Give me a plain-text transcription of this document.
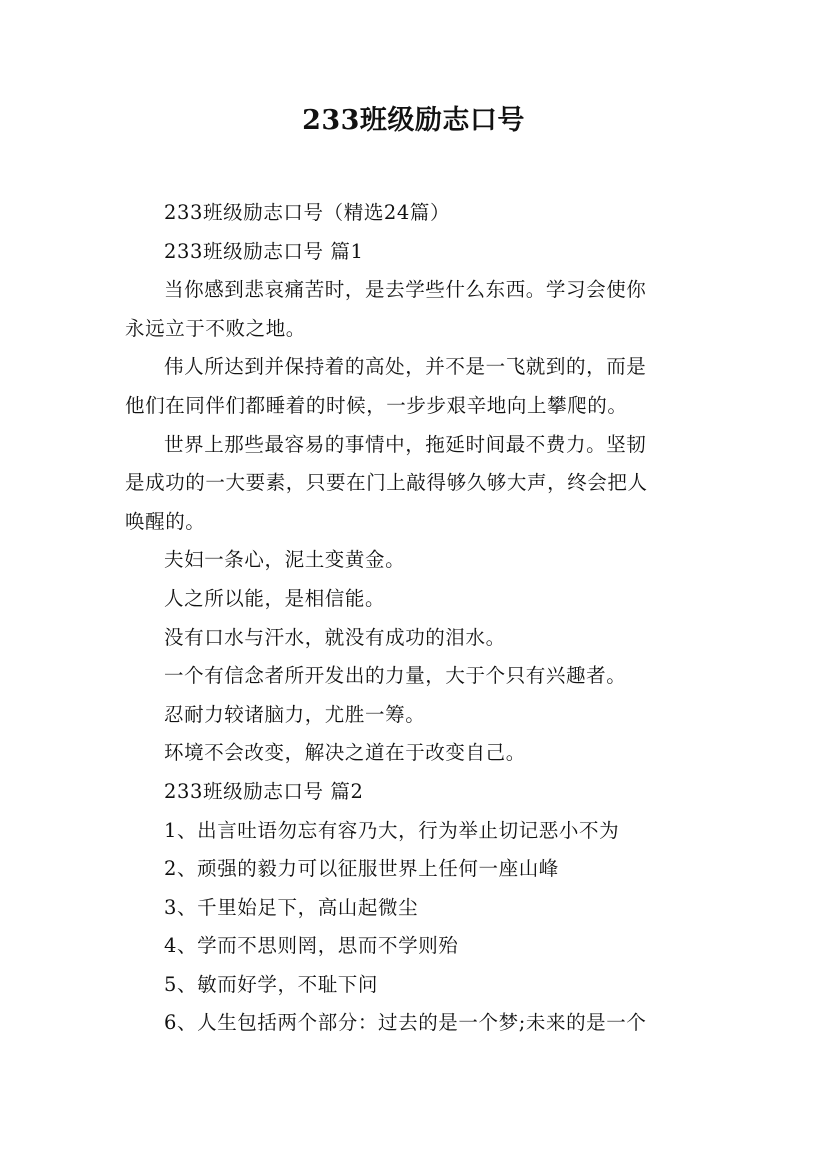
233班级励志口号
233班级励志口号（精选24篇）
233班级励志口号 篇1
当你感到悲哀痛苦时，是去学些什么东西。学习会使你
永远立于不败之地。
伟人所达到并保持着的高处，并不是一飞就到的，而是
他们在同伴们都睡着的时候，一步步艰辛地向上攀爬的。
世界上那些最容易的事情中，拖延时间最不费力。坚韧
是成功的一大要素，只要在门上敲得够久够大声，终会把人
唤醒的。
夫妇一条心，泥土变黄金。
人之所以能，是相信能。
没有口水与汗水，就没有成功的泪水。
一个有信念者所开发出的力量，大于个只有兴趣者。
忍耐力较诸脑力，尤胜一筹。
环境不会改变，解决之道在于改变自己。
233班级励志口号 篇2
1、出言吐语勿忘有容乃大，行为举止切记恶小不为
2、顽强的毅力可以征服世界上任何一座山峰
3、千里始足下，高山起微尘
4、学而不思则罔，思而不学则殆
5、敏而好学，不耻下问
6、人生包括两个部分：过去的是一个梦;未来的是一个
